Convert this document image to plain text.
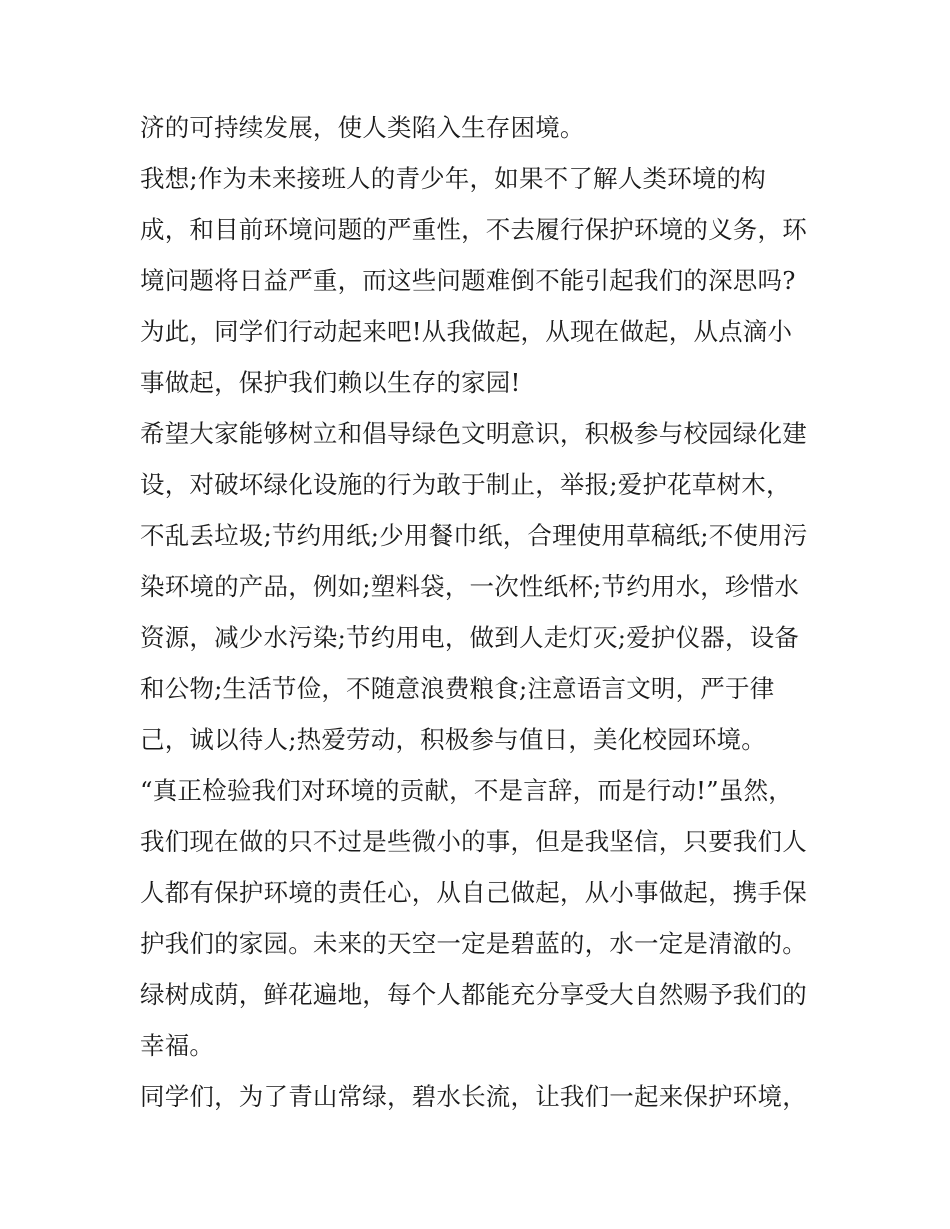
济的可持续发展，使人类陷入生存困境。
我想;作为未来接班人的青少年，如果不了解人类环境的构
成，和目前环境问题的严重性，不去履行保护环境的义务，环
境问题将日益严重，而这些问题难倒不能引起我们的深思吗?
为此，同学们行动起来吧!从我做起，从现在做起，从点滴小
事做起，保护我们赖以生存的家园!
希望大家能够树立和倡导绿色文明意识，积极参与校园绿化建
设，对破坏绿化设施的行为敢于制止，举报;爱护花草树木，
不乱丢垃圾;节约用纸;少用餐巾纸，合理使用草稿纸;不使用污
染环境的产品，例如;塑料袋，一次性纸杯;节约用水，珍惜水
资源，减少水污染;节约用电，做到人走灯灭;爱护仪器，设备
和公物;生活节俭，不随意浪费粮食;注意语言文明，严于律
己，诚以待人;热爱劳动，积极参与值日，美化校园环境。
“真正检验我们对环境的贡献，不是言辞，而是行动!”虽然，
我们现在做的只不过是些微小的事，但是我坚信，只要我们人
人都有保护环境的责任心，从自己做起，从小事做起，携手保
护我们的家园。未来的天空一定是碧蓝的，水一定是清澈的。
绿树成荫，鲜花遍地，每个人都能充分享受大自然赐予我们的
幸福。
同学们，为了青山常绿，碧水长流，让我们一起来保护环境，
